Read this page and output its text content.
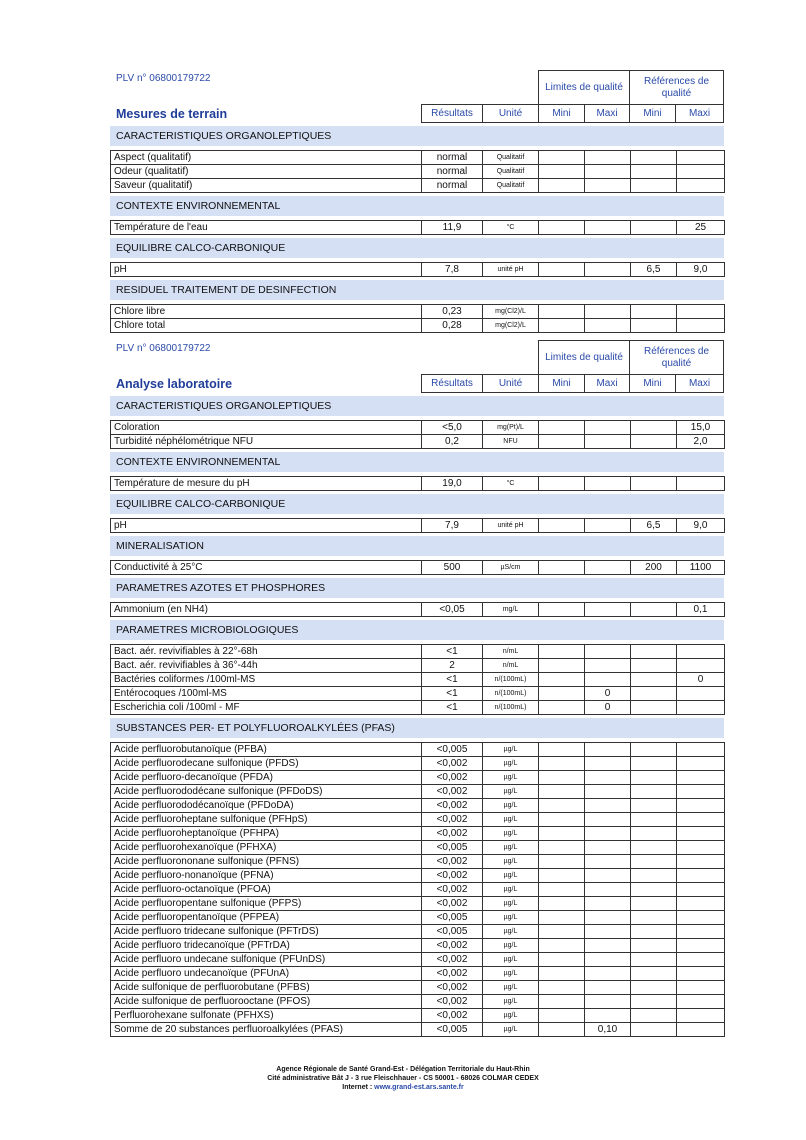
PLV n° 06800179722
Mesures de terrain
Limites de qualité
Références de qualité
Résultats	Unité	Mini	Maxi	Mini	Maxi
CARACTERISTIQUES ORGANOLEPTIQUES
Aspect (qualitatif)	normal	Qualitatif				
Odeur (qualitatif)	normal	Qualitatif				
Saveur (qualitatif)	normal	Qualitatif				
CONTEXTE ENVIRONNEMENTAL
Température de l'eau	11,9	°C				25
EQUILIBRE CALCO-CARBONIQUE
pH	7,8	unité pH			6,5	9,0
RESIDUEL TRAITEMENT DE DESINFECTION
Chlore libre	0,23	mg(Cl2)/L				
Chlore total	0,28	mg(Cl2)/L				
PLV n° 06800179722
Analyse laboratoire
Limites de qualité
Références de qualité
Résultats	Unité	Mini	Maxi	Mini	Maxi
CARACTERISTIQUES ORGANOLEPTIQUES
Coloration	<5,0	mg(Pt)/L				15,0
Turbidité néphélométrique NFU	0,2	NFU				2,0
CONTEXTE ENVIRONNEMENTAL
Température de mesure du pH	19,0	°C				
EQUILIBRE CALCO-CARBONIQUE
pH	7,9	unité pH			6,5	9,0
MINERALISATION
Conductivité à 25°C	500	µS/cm			200	1100
PARAMETRES AZOTES ET PHOSPHORES
Ammonium (en NH4)	<0,05	mg/L				0,1
PARAMETRES MICROBIOLOGIQUES
Bact. aér. revivifiables à 22°-68h	<1	n/mL				
Bact. aér. revivifiables à 36°-44h	2	n/mL				
Bactéries coliformes /100ml-MS	<1	n/(100mL)				0
Entérocoques /100ml-MS	<1	n/(100mL)		0		
Escherichia coli /100ml - MF	<1	n/(100mL)		0		
SUBSTANCES PER- ET POLYFLUOROALKYLÉES (PFAS)
Acide perfluorobutanoïque (PFBA)	<0,005	µg/L				
Acide perfluorodecane sulfonique (PFDS)	<0,002	µg/L				
Acide perfluoro-decanoïque (PFDA)	<0,002	µg/L				
Acide perfluorododécane sulfonique (PFDoDS)	<0,002	µg/L				
Acide perfluorododécanoïque (PFDoDA)	<0,002	µg/L				
Acide perfluoroheptane sulfonique (PFHpS)	<0,002	µg/L				
Acide perfluoroheptanoïque (PFHPA)	<0,002	µg/L				
Acide perfluorohexanoïque (PFHXA)	<0,005	µg/L				
Acide perfluorononane sulfonique (PFNS)	<0,002	µg/L				
Acide perfluoro-nonanoïque (PFNA)	<0,002	µg/L				
Acide perfluoro-octanoïque (PFOA)	<0,002	µg/L				
Acide perfluoropentane sulfonique (PFPS)	<0,002	µg/L				
Acide perfluoropentanoïque (PFPEA)	<0,005	µg/L				
Acide perfluoro tridecane sulfonique (PFTrDS)	<0,005	µg/L				
Acide perfluoro tridecanoïque (PFTrDA)	<0,002	µg/L				
Acide perfluoro undecane sulfonique (PFUnDS)	<0,002	µg/L				
Acide perfluoro undecanoïque (PFUnA)	<0,002	µg/L				
Acide sulfonique de perfluorobutane (PFBS)	<0,002	µg/L				
Acide sulfonique de perfluorooctane (PFOS)	<0,002	µg/L				
Perfluorohexane sulfonate (PFHXS)	<0,002	µg/L				
Somme de 20 substances perfluoroalkylées (PFAS)	<0,005	µg/L		0,10		
Agence Régionale de Santé Grand-Est - Délégation Territoriale du Haut-Rhin
Cité administrative Bât J - 3 rue Fleischhauer - CS 50001 - 68026 COLMAR CEDEX
Internet : www.grand-est.ars.sante.fr
